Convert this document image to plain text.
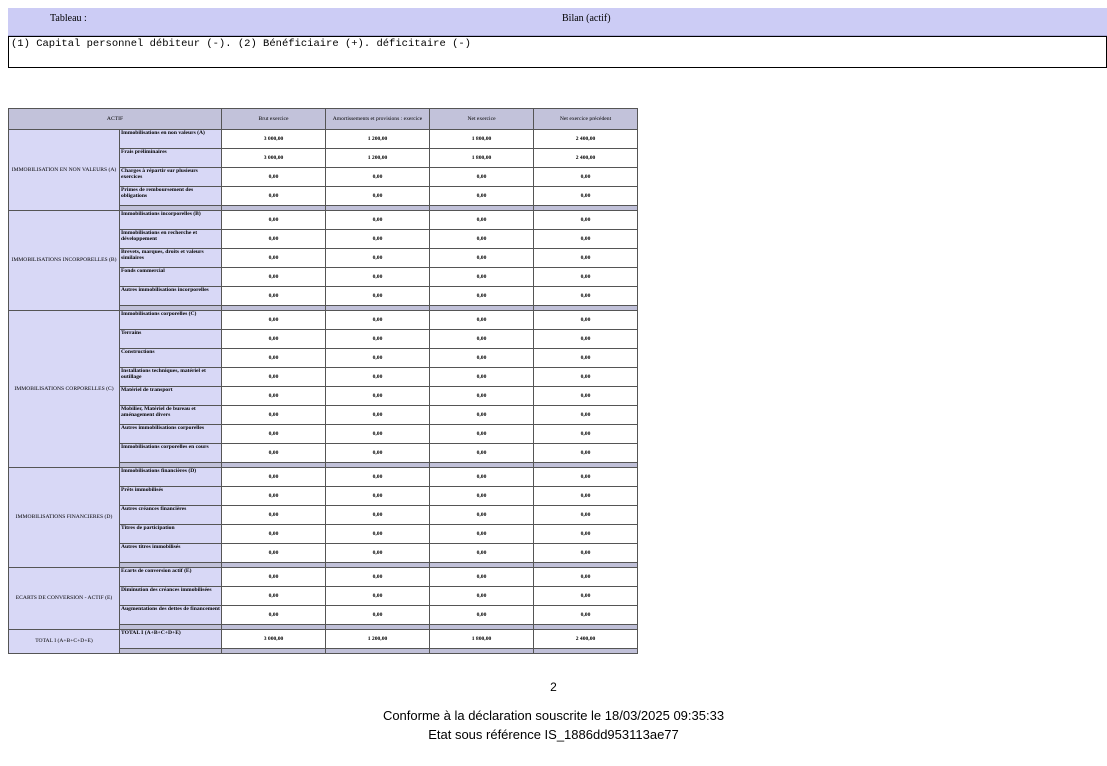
Tableau :	Bilan (actif)
(1) Capital personnel débiteur (-). (2) Bénéficiaire (+). déficitaire (-)
ACTIF		Brut exercice	Amortissements et provisions : exercice	Net exercice	Net exercice précédent
IMMOBILISATION EN NON VALEURS (A)	Immobilisations en non valeurs (A)	3 000,00	1 200,00	1 800,00	2 400,00
	Frais préliminaires	3 000,00	1 200,00	1 800,00	2 400,00
	Charges à répartir sur plusieurs exercices	0,00	0,00	0,00	0,00
	Primes de remboursement des obligations	0,00	0,00	0,00	0,00

IMMOBILISATIONS INCORPORELLES (B)	Immobilisations incorporelles (B)	0,00	0,00	0,00	0,00
	Immobilisations en recherche et développement	0,00	0,00	0,00	0,00
	Brevets, marques, droits et valeurs similaires	0,00	0,00	0,00	0,00
	Fonds commercial	0,00	0,00	0,00	0,00
	Autres immobilisations incorporelles	0,00	0,00	0,00	0,00

IMMOBILISATIONS CORPORELLES (C)	Immobilisations corporelles (C)	0,00	0,00	0,00	0,00
	Terrains	0,00	0,00	0,00	0,00
	Constructions	0,00	0,00	0,00	0,00
	Installations techniques, matériel et outillage	0,00	0,00	0,00	0,00
	Matériel de transport	0,00	0,00	0,00	0,00
	Mobilier, Matériel de bureau et aménagement divers	0,00	0,00	0,00	0,00
	Autres immobilisations corporelles	0,00	0,00	0,00	0,00
	Immobilisations corporelles en cours	0,00	0,00	0,00	0,00

IMMOBILISATIONS FINANCIERES (D)	Immobilisations financières (D)	0,00	0,00	0,00	0,00
	Prêts immobilisés	0,00	0,00	0,00	0,00
	Autres créances financières	0,00	0,00	0,00	0,00
	Titres de participation	0,00	0,00	0,00	0,00
	Autres titres immobilisés	0,00	0,00	0,00	0,00

ECARTS DE CONVERSION - ACTIF (E)	Ecarts de conversion actif (E)	0,00	0,00	0,00	0,00
	Diminution des créances immobilisées	0,00	0,00	0,00	0,00
	Augmentations des dettes de financement	0,00	0,00	0,00	0,00

TOTAL I (A+B+C+D+E)	TOTAL I (A+B+C+D+E)	3 000,00	1 200,00	1 800,00	2 400,00

2
Conforme à la déclaration souscrite le 18/03/2025 09:35:33
Etat sous référence IS_1886dd953113ae77
